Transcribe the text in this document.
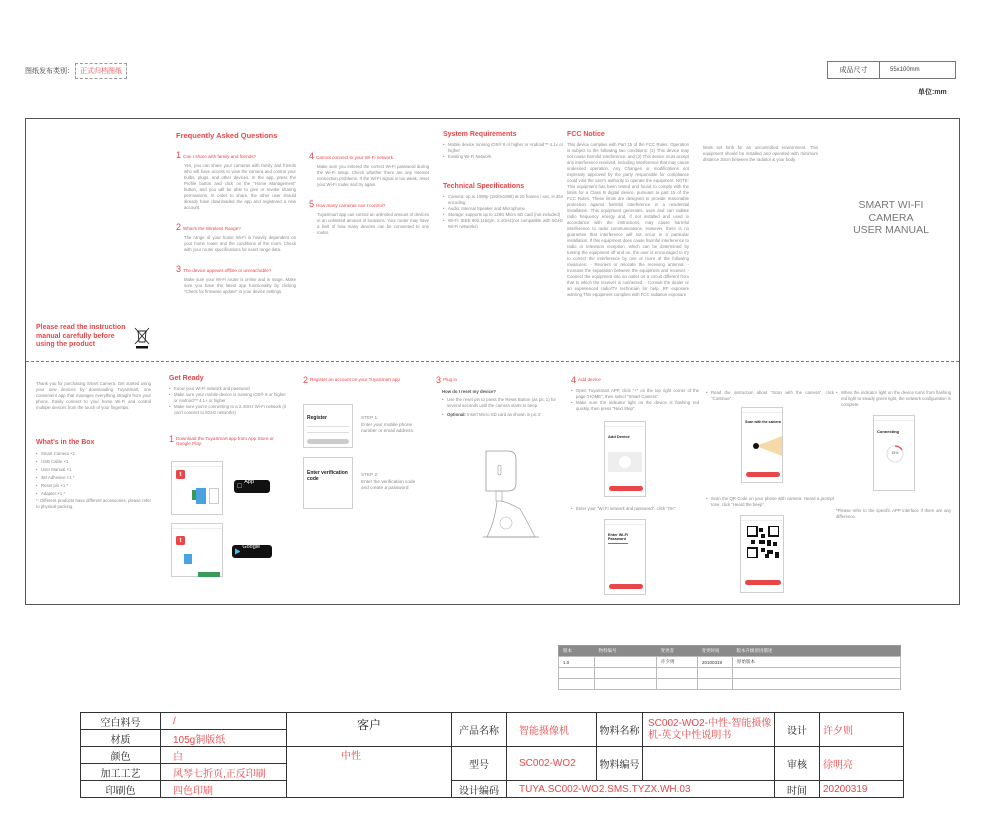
图纸发布类别： 正式归档图纸	成品尺寸	55x100mm
单位:mm
Please read the instruction manual carefully before using the product
Frequently Asked Questions
1 Can I share with family and friends?
Yes, you can share your cameras with family and friends who will have access to view the camera and control your bulbs, plugs, and other devices. In the app, press the Profile button and click on the "Home Management" button, and you will be able to give or revoke sharing permissions. In order to share, the other user should already have downloaded the app and registered a new account.
2 What's the Wireless Range?
The range of your home Wi-Fi is heavily dependent on your home router and the conditions of the room. Check with your router specifications for exact range data.
3 The device appears offline or unreachable?
Make sure your Wi-Fi router is online and in range. Make sure you have the latest app functionality by clicking "Check for firmware update" in your device settings.
4 Cannot connect to your Wi-Fi network.
Make sure you entered the correct Wi-Fi password during the Wi-Fi setup. Check whether there are any Internet connection problems. If the Wi-Fi signal is too weak, reset your Wi-Fi router and try again.
5 How many cameras can I control?
TuyaSmart app can control an unlimited amount of devices in an unlimited amount of locations. Your router may have a limit of how many devices can be connected to one router.
System Requirements
• Mobile device running iOS® 8 or higher or Android™ 4.1x or higher
• Existing Wi-Fi Network
Technical Specifications
• Camera: up to 1080p (1920x1080) at 20 frames / sec, H.264 encoding
• Audio: Internal Speaker and Microphone
• Storage: supports up to 128G Micro SD card (not included)
• Wi-Fi: IEEE 802.11b/g/n, 2.4GHz(not compatible with 5GHz Wi-Fi networks)
FCC Notice
This device complies with Part 15 of the FCC Rules. Operation is subject to the following two conditions: (1) This device may not cause harmful interference, and (2) This device must accept any interference received, including interference that may cause undesired operation. Any Changes or modifications not expressly approved by the party responsible for compliance could void the user's authority to operate the equipment. NOTE: This equipment has been tested and found to comply with the limits for a Class B digital device, pursuant to part 15 of the FCC Rules. These limits are designed to provide reasonable protection against harmful interference in a residential installation. This equipment generates, uses and can radiate radio frequency energy and, if not installed and used in accordance with the instructions, may cause harmful interference to radio communications. However, there is no guarantee that interference will not occur in a particular installation. If this equipment does cause harmful interference to radio or television reception, which can be determined by turning the equipment off and on, the user is encouraged to try to correct the interference by one or more of the following measures: - Reorient or relocate the receiving antenna. - Increase the separation between the equipment and receiver. - Connect the equipment into an outlet on a circuit different from that to which the receiver is connected. - Consult the dealer or an experienced radio/TV technician for help. RF exposure warning This equipment complies with FCC radiation exposure
limits set forth for an uncontrolled environment. This equipment should be installed and operated with minimum distance 20cm between the radiator & your body.
SMART WI-FI
CAMERA
USER MANUAL
Thank you for purchasing Smart Camera. Get started using your new devices by downloading TuyaSmart, one convenient app that manages everything straight from your phone. Easily connect to your home Wi-Fi and control multiple devices from the touch of your fingertips.
What's in the Box
• Smart Camera ×1
• USB Cable ×1
• User Manual ×1
• 3M Adhesive ×1 *
• Reset pin ×1 *
• Adapter ×1 *
*: Different products have different accessories, please refer to physical packing.
Get Ready
• Know your Wi-Fi network and password
• Make sure your mobile device is running iOS® 8 or higher or Android™ 4.1+ or higher
• Make sure you're connecting to a 2.4GHz Wi-Fi network (it can't connect to 5GHz networks)
1 Download the TuyaSmart app from App Store or Google Play.
t	Download on the
App Store
t
GET IT ON
Google Play
2 Register an account on your TuyaSmart app
Register	STEP 1:
Enter your mobile phone number or email address.
Enter verification code
STEP 2:
Enter the verification code and create a password
3 Plug in
How do I reset my device?
• Use the reset pin to press the Reset Button (as pic 1) for several seconds until the camera starts to beep.
• Optional: Insert Micro SD card as shown in pic 2
4 Add device
• Open TuyaSmart APP, click "+" on the top right corner of the page "HOME", then select "Smart Camera".
• Make sure the indicator light on the device is flashing red quickly, then press "Next Step".
Add Device
• Enter your "Wi-Fi network and password", click "OK".
Enter Wi-Fi Password
• Read the instruction about "Scan with the camera", click "Continue".
Scan with the camera
• Scan the QR Code on your phone with camera. Heard a prompt tone, click "Heard the beep".
• When the indicator light on the device turns from flashing red light to steady green light, the network configuration is complete.
Connecting
15%
*Please refer to the specific APP interface if there are any difference.
版本	物料编号	变更者	变更时间	版本升级原因描述
1.0		许夕则	20100319	原始版本

空白料号	/	客户	产品名称	智能摄像机	物料名称	SC002-WO2-中性-智能摄像机-英文中性说明书	设计	许夕则
材质	105g铜版纸							
颜色	白	中性	型号	SC002-WO2	物料编号		审核	徐明亮
加工工艺	风琴七折页,正反印刷							
印刷色	四色印刷		设计编码	TUYA.SC002-WO2.SMS.TYZX.WH.03			时间	20200319
